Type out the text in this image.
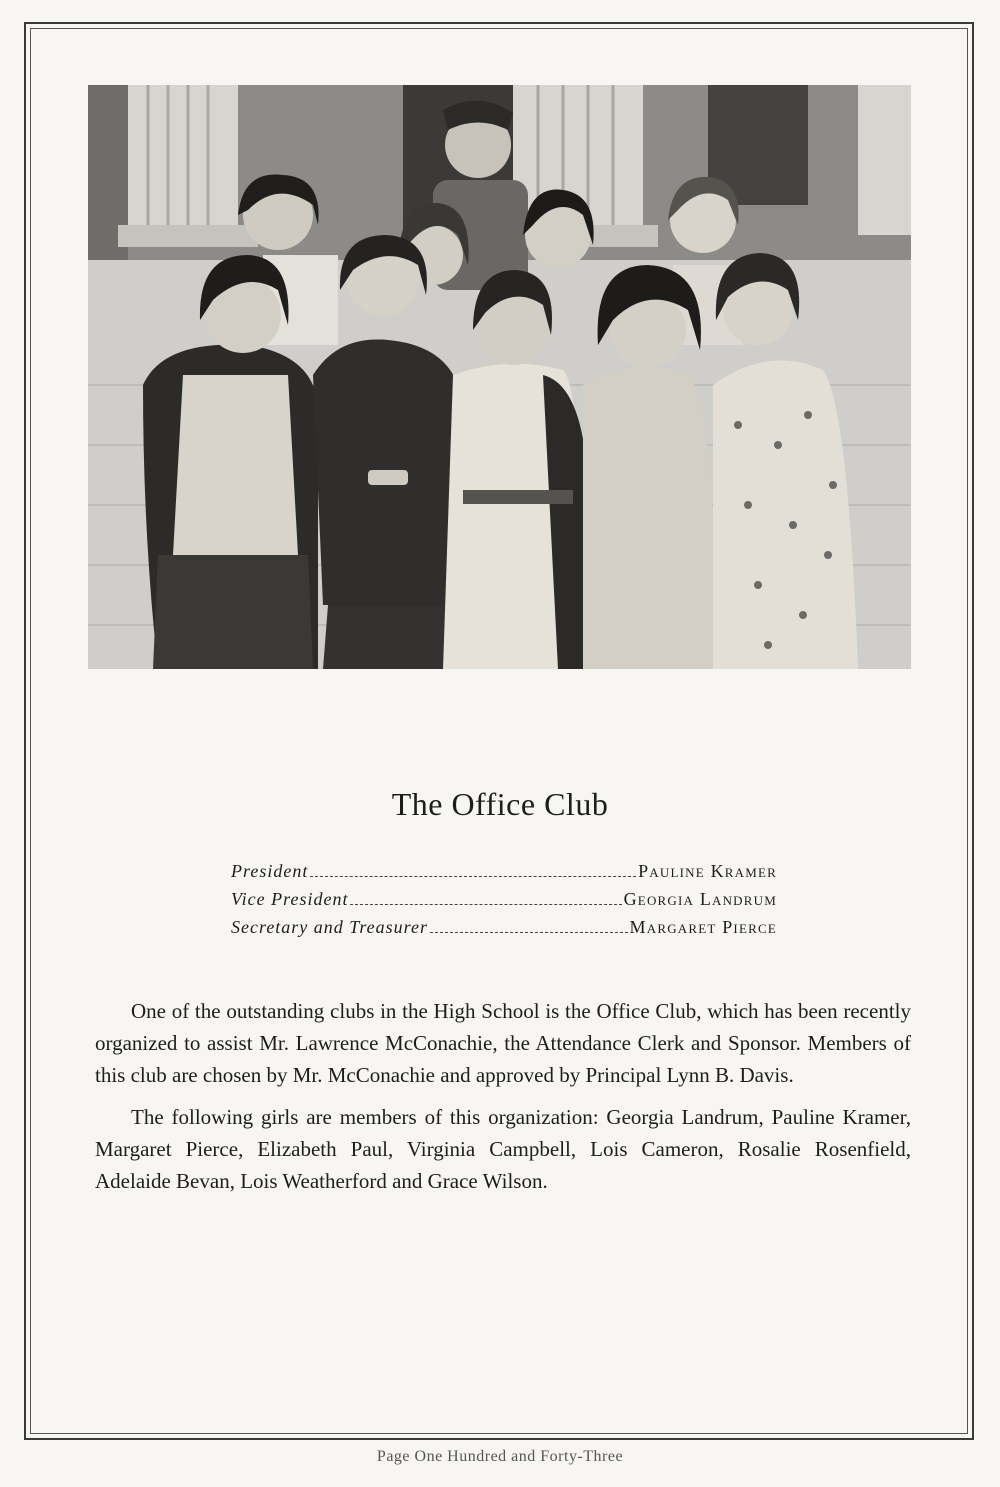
The Office Club
President	Pauline Kramer
Vice President	Georgia Landrum
Secretary and Treasurer	Margaret Pierce

One of the outstanding clubs in the High School is the Office Club, which has been recently organized to assist Mr. Lawrence McConachie, the Attendance Clerk and Sponsor. Members of this club are chosen by Mr. McConachie and approved by Principal Lynn B. Davis.

The following girls are members of this organization: Georgia Landrum, Pauline Kramer, Margaret Pierce, Elizabeth Paul, Virginia Campbell, Lois Cameron, Rosalie Rosenfield, Adelaide Bevan, Lois Weatherford and Grace Wilson.

Page One Hundred and Forty-Three
